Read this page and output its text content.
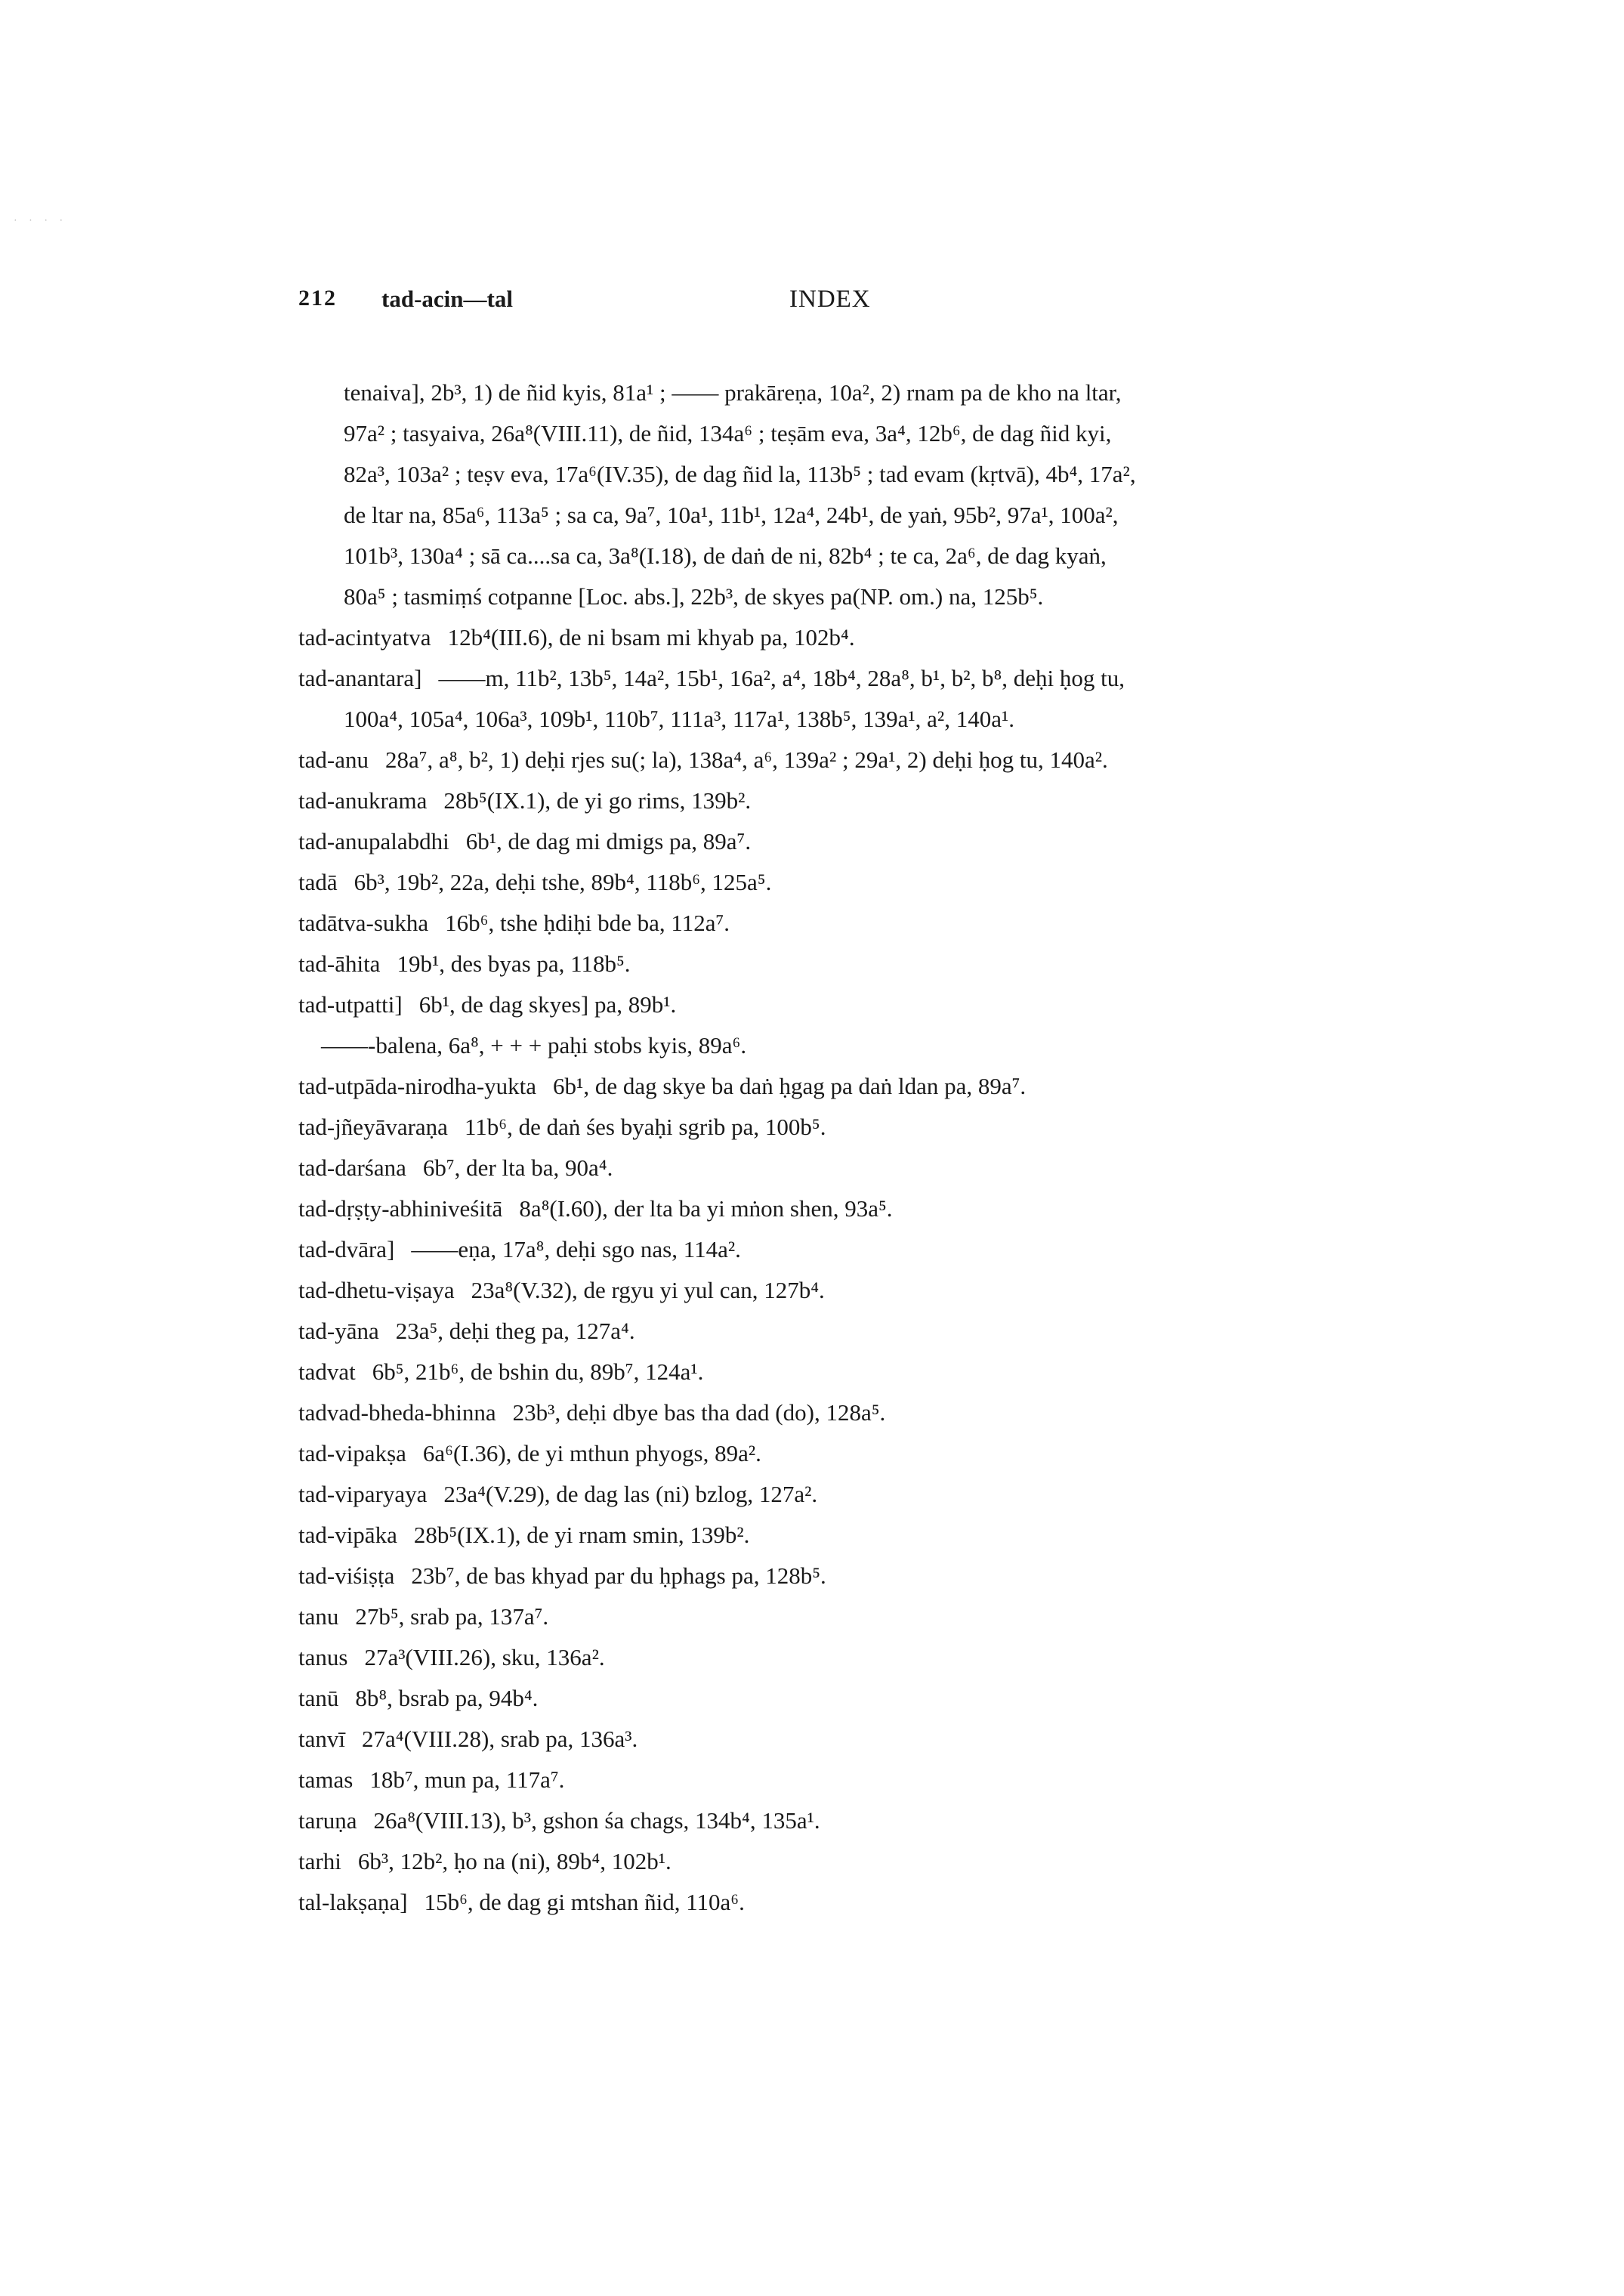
· · · ·
212 tad-acin—tal	INDEX
tenaiva], 2b³, 1) de ñid kyis, 81a¹ ; —— prakāreṇa, 10a², 2) rnam pa de kho na ltar,
97a² ; tasyaiva, 26a⁸(VIII.11), de ñid, 134a⁶ ; teṣām eva, 3a⁴, 12b⁶, de dag ñid kyi,
82a³, 103a² ; teṣv eva, 17a⁶(IV.35), de dag ñid la, 113b⁵ ; tad evam (kṛtvā), 4b⁴, 17a²,
de ltar na, 85a⁶, 113a⁵ ; sa ca, 9a⁷, 10a¹, 11b¹, 12a⁴, 24b¹, de yaṅ, 95b², 97a¹, 100a²,
101b³, 130a⁴ ; sā ca....sa ca, 3a⁸(I.18), de daṅ de ni, 82b⁴ ; te ca, 2a⁶, de dag kyaṅ,
80a⁵ ; tasmiṃś cotpanne [Loc. abs.], 22b³, de skyes pa(NP. om.) na, 125b⁵.
tad-acintyatva 12b⁴(III.6), de ni bsam mi khyab pa, 102b⁴.
tad-anantara] ——m, 11b², 13b⁵, 14a², 15b¹, 16a², a⁴, 18b⁴, 28a⁸, b¹, b², b⁸, deḥi ḥog tu,
100a⁴, 105a⁴, 106a³, 109b¹, 110b⁷, 111a³, 117a¹, 138b⁵, 139a¹, a², 140a¹.
tad-anu 28a⁷, a⁸, b², 1) deḥi rjes su(; la), 138a⁴, a⁶, 139a² ; 29a¹, 2) deḥi ḥog tu, 140a².
tad-anukrama 28b⁵(IX.1), de yi go rims, 139b².
tad-anupalabdhi 6b¹, de dag mi dmigs pa, 89a⁷.
tadā 6b³, 19b², 22a, deḥi tshe, 89b⁴, 118b⁶, 125a⁵.
tadātva-sukha 16b⁶, tshe ḥdiḥi bde ba, 112a⁷.
tad-āhita 19b¹, des byas pa, 118b⁵.
tad-utpatti] 6b¹, de dag skyes] pa, 89b¹.
——-balena, 6a⁸, + + + paḥi stobs kyis, 89a⁶.
tad-utpāda-nirodha-yukta 6b¹, de dag skye ba daṅ ḥgag pa daṅ ldan pa, 89a⁷.
tad-jñeyāvaraṇa 11b⁶, de daṅ śes byaḥi sgrib pa, 100b⁵.
tad-darśana 6b⁷, der lta ba, 90a⁴.
tad-dṛṣṭy-abhiniveśitā 8a⁸(I.60), der lta ba yi mṅon shen, 93a⁵.
tad-dvāra] ——eṇa, 17a⁸, deḥi sgo nas, 114a².
tad-dhetu-viṣaya 23a⁸(V.32), de rgyu yi yul can, 127b⁴.
tad-yāna 23a⁵, deḥi theg pa, 127a⁴.
tadvat 6b⁵, 21b⁶, de bshin du, 89b⁷, 124a¹.
tadvad-bheda-bhinna 23b³, deḥi dbye bas tha dad (do), 128a⁵.
tad-vipakṣa 6a⁶(I.36), de yi mthun phyogs, 89a².
tad-viparyaya 23a⁴(V.29), de dag las (ni) bzlog, 127a².
tad-vipāka 28b⁵(IX.1), de yi rnam smin, 139b².
tad-viśiṣṭa 23b⁷, de bas khyad par du ḥphags pa, 128b⁵.
tanu 27b⁵, srab pa, 137a⁷.
tanus 27a³(VIII.26), sku, 136a².
tanū 8b⁸, bsrab pa, 94b⁴.
tanvī 27a⁴(VIII.28), srab pa, 136a³.
tamas 18b⁷, mun pa, 117a⁷.
taruṇa 26a⁸(VIII.13), b³, gshon śa chags, 134b⁴, 135a¹.
tarhi 6b³, 12b², ḥo na (ni), 89b⁴, 102b¹.
tal-lakṣaṇa] 15b⁶, de dag gi mtshan ñid, 110a⁶.
